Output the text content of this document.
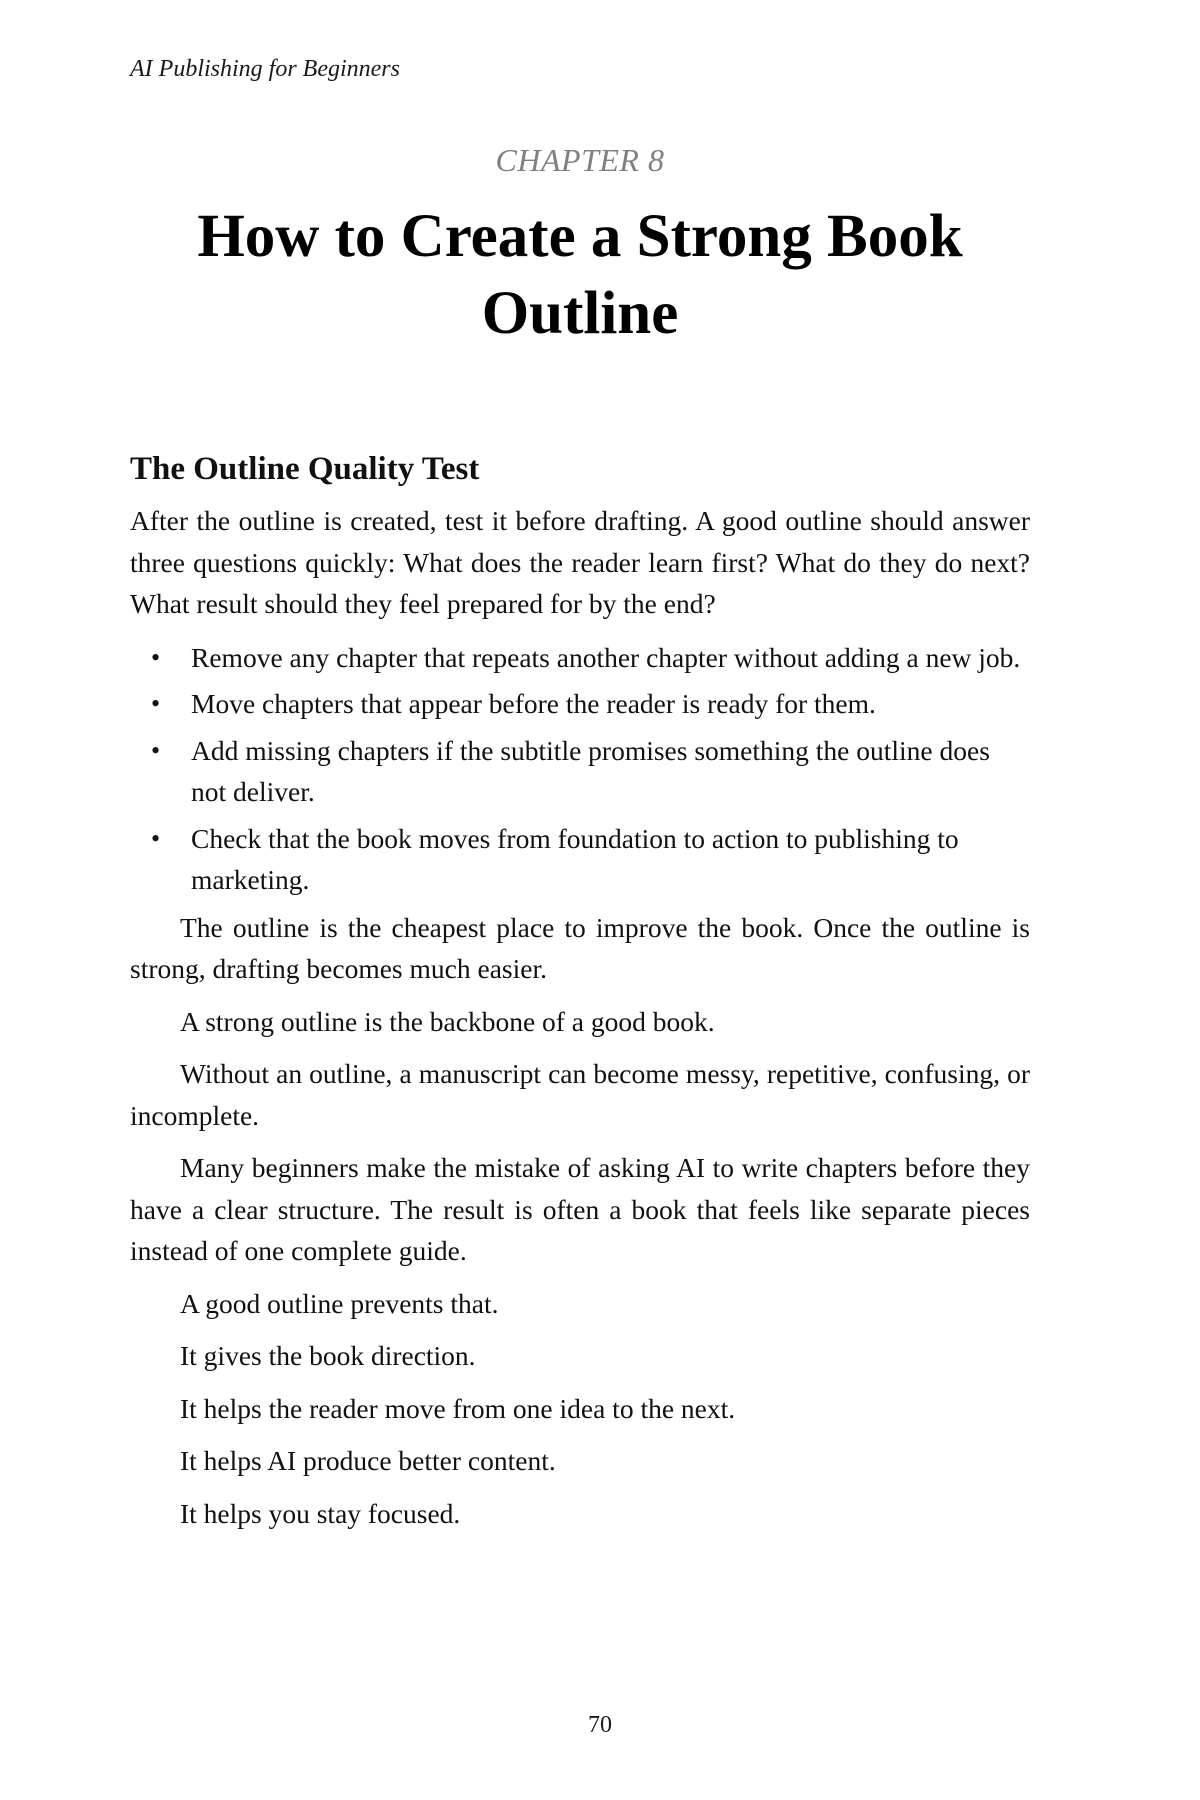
AI Publishing for Beginners
CHAPTER 8
How to Create a Strong Book Outline
The Outline Quality Test

After the outline is created, test it before drafting. A good outline should answer three questions quickly: What does the reader learn first? What do they do next? What result should they feel prepared for by the end?

• Remove any chapter that repeats another chapter without adding a new job.
• Move chapters that appear before the reader is ready for them.
• Add missing chapters if the subtitle promises something the outline does not deliver.
• Check that the book moves from foundation to action to publishing to marketing.

The outline is the cheapest place to improve the book. Once the outline is strong, drafting becomes much easier.

A strong outline is the backbone of a good book.

Without an outline, a manuscript can become messy, repetitive, confusing, or incomplete.

Many beginners make the mistake of asking AI to write chapters before they have a clear structure. The result is often a book that feels like separate pieces instead of one complete guide.

A good outline prevents that.

It gives the book direction.

It helps the reader move from one idea to the next.

It helps AI produce better content.

It helps you stay focused.

70
